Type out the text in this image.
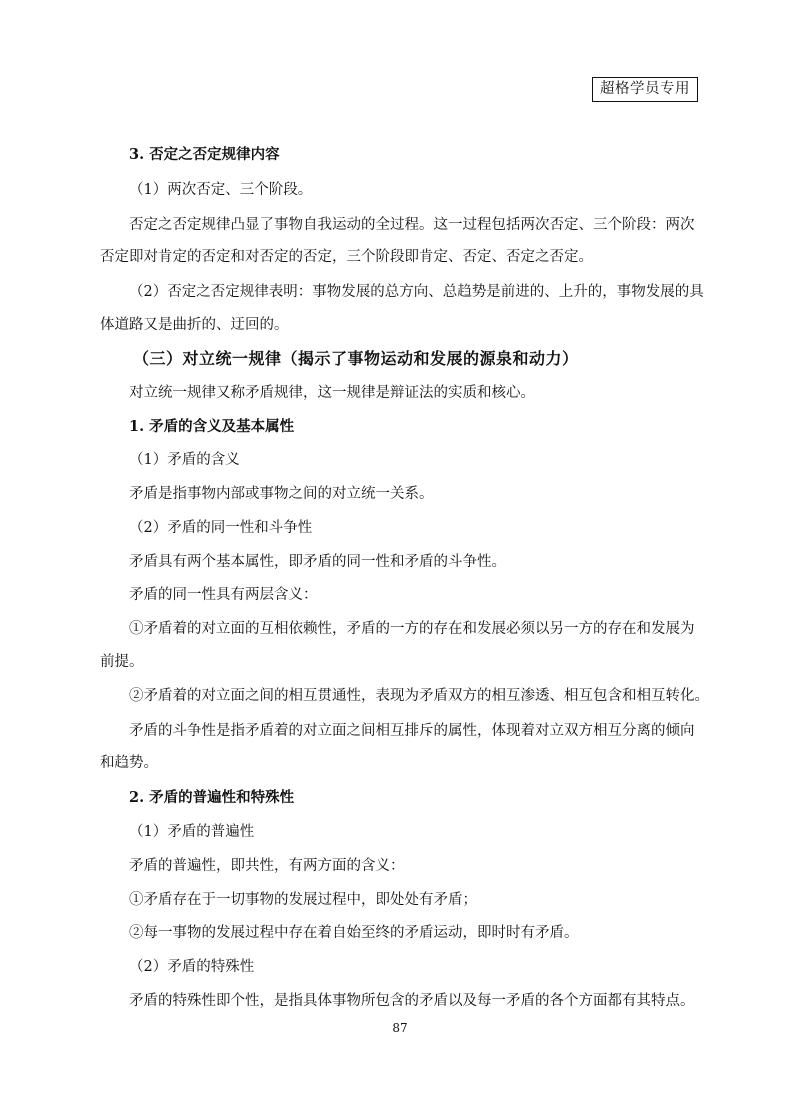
超格学员专用
3. 否定之否定规律内容
（1）两次否定、三个阶段。
否定之否定规律凸显了事物自我运动的全过程。这一过程包括两次否定、三个阶段：两次
否定即对肯定的否定和对否定的否定，三个阶段即肯定、否定、否定之否定。
（2）否定之否定规律表明：事物发展的总方向、总趋势是前进的、上升的，事物发展的具
体道路又是曲折的、迂回的。
（三）对立统一规律（揭示了事物运动和发展的源泉和动力）
对立统一规律又称矛盾规律，这一规律是辩证法的实质和核心。
1. 矛盾的含义及基本属性
（1）矛盾的含义
矛盾是指事物内部或事物之间的对立统一关系。
（2）矛盾的同一性和斗争性
矛盾具有两个基本属性，即矛盾的同一性和矛盾的斗争性。
矛盾的同一性具有两层含义：
①矛盾着的对立面的互相依赖性，矛盾的一方的存在和发展必须以另一方的存在和发展为
前提。
②矛盾着的对立面之间的相互贯通性，表现为矛盾双方的相互渗透、相互包含和相互转化。
矛盾的斗争性是指矛盾着的对立面之间相互排斥的属性，体现着对立双方相互分离的倾向
和趋势。
2. 矛盾的普遍性和特殊性
（1）矛盾的普遍性
矛盾的普遍性，即共性，有两方面的含义：
①矛盾存在于一切事物的发展过程中，即处处有矛盾；
②每一事物的发展过程中存在着自始至终的矛盾运动，即时时有矛盾。
（2）矛盾的特殊性
矛盾的特殊性即个性，是指具体事物所包含的矛盾以及每一矛盾的各个方面都有其特点。
87
